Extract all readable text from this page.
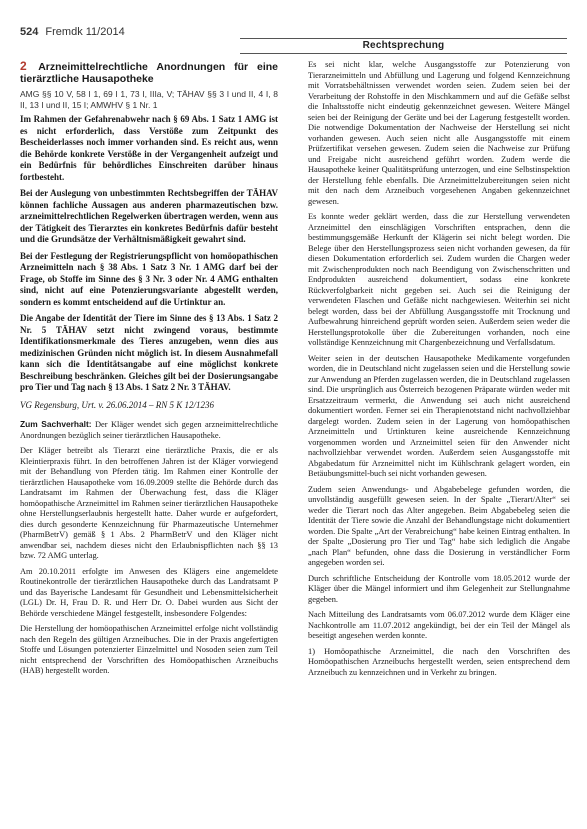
524 Fremdk 11/2014
Rechtsprechung
2 Arzneimittelrechtliche Anordnungen für eine tierärztliche Hausapotheke
AMG §§ 10 V, 58 I 1, 69 I 1, 73 I, IIIa, V; TÄHAV §§ 3 I und II, 4 I, 8 II, 13 I und II, 15 I; AMWHV § 1 Nr. 1

Im Rahmen der Gefahrenabwehr nach § 69 Abs. 1 Satz 1 AMG ist es nicht erforderlich, dass Verstöße zum Zeitpunkt des Bescheiderlasses noch immer vorhanden sind. Es reicht aus, wenn die Behörde konkrete Verstöße in der Vergangenheit aufzeigt und ein Bedürfnis für behördliches Einschreiten darüber hinaus fortbesteht.

Bei der Auslegung von unbestimmten Rechtsbegriffen der TÄHAV können fachliche Aussagen aus anderen pharmazeutischen bzw. arzneimittelrechtlichen Regelwerken übertragen werden, wenn aus der Tätigkeit des Tierarztes ein konkretes Bedürfnis dafür besteht und die Grundsätze der Verhältnismäßigkeit gewahrt sind.

Bei der Festlegung der Registrierungspflicht von homöopathischen Arzneimitteln nach § 38 Abs. 1 Satz 3 Nr. 1 AMG darf bei der Frage, ob Stoffe im Sinne des § 3 Nr. 3 oder Nr. 4 AMG enthalten sind, nicht auf eine Potenzierungsvariante abgestellt werden, sondern es kommt entscheidend auf die Urtinktur an.

Die Angabe der Identität der Tiere im Sinne des § 13 Abs. 1 Satz 2 Nr. 5 TÄHAV setzt nicht zwingend voraus, bestimmte Identifikationsmerkmale des Tieres anzugeben, wenn dies aus medizinischen Gründen nicht möglich ist. In diesem Ausnahmefall kann sich die Identitätsangabe auf eine möglichst konkrete Beschreibung beschränken. Gleiches gilt bei der Dosierungsangabe pro Tier und Tag nach § 13 Abs. 1 Satz 2 Nr. 3 TÄHAV.

VG Regensburg, Urt. v. 26.06.2014 – RN 5 K 12/1236

Zum Sachverhalt: Der Kläger wendet sich gegen arzneimittelrechtliche Anordnungen bezüglich seiner tierärztlichen Hausapotheke.

Der Kläger betreibt als Tierarzt eine tierärztliche Praxis, die er als Kleintierpraxis führt. In den betroffenen Jahren ist der Kläger vorwiegend mit der Behandlung von Pferden tätig. Im Rahmen einer Kontrolle der tierärztlichen Hausapotheke vom 16.09.2009 stellte die Behörde durch das Landratsamt im Rahmen der Überwachung fest, dass die Kläger homöopathische Arzneimittel im Rahmen seiner tierärztlichen Hausapotheke ohne Herstellungserlaubnis hergestellt hatte. Daher wurde er aufgefordert, dies durch gesonderte Kennzeichnung für Pharmazeutische Unternehmer (PharmBetrV) gemäß § 1 Abs. 2 PharmBetrV und den Kläger nicht anwendbar sei, nachdem dieses nicht den Erlaubnispflichten nach §§ 13 bzw. 72 AMG unterlag.

Am 20.10.2011 erfolgte im Anwesen des Klägers eine angemeldete Routinekontrolle der tierärztlichen Hausapotheke durch das Landratsamt P und das Bayerische Landesamt für Gesundheit und Lebensmittelsicherheit (LGL) Dr. H, Frau D. R. und Herr Dr. O. Dabei wurden aus Sicht der Behörde verschiedene Mängel festgestellt, insbesondere Folgendes:

Die Herstellung der homöopathischen Arzneimittel erfolge nicht vollständig nach den Regeln des gültigen Arzneibuches. Die in der Praxis angefertigten Stoffe und Lösungen potenzierter Einzelmittel und Nosoden seien zum Teil nicht entsprechend der Vorschriften des Homöopathischen Arzneibuchs (HAB) hergestellt worden.

Es sei nicht klar, welche Ausgangsstoffe zur Potenzierung von Tierarzneimitteln und Abfüllung und Lagerung und folgend Kennzeichnung mit Vorratsbehältnissen verwendet worden seien. Zudem seien bei der Verarbeitung der Rohstoffe in den Mischkammern und auf die Gefäße selbst die Inhaltsstoffe nicht eindeutig gekennzeichnet gewesen. Weitere Mängel seien bei der Reinigung der Geräte und bei der Lagerung festgestellt worden. Die notwendige Dokumentation der Nachweise der Herstellung sei nicht vorhanden gewesen. Auch seien nicht alle Ausgangsstoffe mit einem Prüfzertifikat versehen gewesen. Zudem seien die Nachweise zur Prüfung und Freigabe nicht ausreichend geführt worden. Zudem werde die Hausapotheke keiner Qualitätsprüfung unterzogen, und eine Selbstinspektion der Herstellung fehle ebenfalls. Die Arzneimittelzubereitungen seien nicht mit den nach dem Arzneibuch vorgesehenen Angaben gekennzeichnet gewesen.

Es konnte weder geklärt werden, dass die zur Herstellung verwendeten Arzneimittel den einschlägigen Vorschriften entsprachen, denn die bestimmungsgemäße Herkunft der Klägerin sei nicht belegt worden. Die Belege über den Herstellungsprozess seien nicht vorhanden gewesen, da für diesen Dokumentation erforderlich sei. Zudem wurden die Chargen weder mit Zwischenprodukten noch nach Beendigung von Zwischenschritten und Endprodukten ausreichend dokumentiert, sodass eine konkrete Rückverfolgbarkeit nicht gegeben sei. Auch sei die Reinigung der verwendeten Flaschen und Gefäße nicht nachgewiesen. Weiterhin sei nicht belegt worden, dass bei der Abfüllung Ausgangsstoffe mit Trocknung und Aufbewahrung hinreichend geprüft worden seien. Außerdem seien weder die Herstellungsprotokolle über die Zubereitungen vorhanden, noch eine vollständige Kennzeichnung mit Chargenbezeichnung und Verfallsdatum.

Weiter seien in der deutschen Hausapotheke Medikamente vorgefunden worden, die in Deutschland nicht zugelassen seien und die Herstellung sowie zur Anwendung an Pferden zugelassen werden, die in Deutschland zugelassen sind. Die ursprünglich aus Österreich bezogenen Präparate würden weder mit Ersatzzeitraum vermerkt, die Anwendung sei auch nicht ausreichend dokumentiert worden. Ferner sei ein Therapienotstand nicht nachvollziehbar dargelegt worden. Zudem seien in der Lagerung von homöopathischen Arzneimitteln und Urtinkturen keine ausreichende Kennzeichnung vorgenommen worden und Arzneimittel seien für den Anwender nicht nachvollziehbar verwendet worden. Außerdem seien Ausgangsstoffe mit Abgabedatum für Arzneimittel nicht im Kühlschrank gelagert worden, ein Betäubungsmittel-buch sei nicht vorhanden gewesen.

Zudem seien Anwendungs- und Abgabebelege gefunden worden, die unvollständig ausgefüllt gewesen seien. In der Spalte „Tierart/Alter“ sei weder die Tierart noch das Alter angegeben. Beim Abgabebeleg seien die Identität der Tiere sowie die Anzahl der Behandlungstage nicht dokumentiert worden. Die Spalte „Art der Verabreichung“ habe keinen Eintrag enthalten. In der Spalte „Dosierung pro Tier und Tag“ habe sich lediglich die Angabe „nach Plan“ befunden, ohne dass die Dosierung in verständlicher Form angegeben worden sei.

Durch schriftliche Entscheidung der Kontrolle vom 18.05.2012 wurde der Kläger über die Mängel informiert und ihm Gelegenheit zur Stellungnahme gegeben.

Nach Mitteilung des Landratsamts vom 06.07.2012 wurde dem Kläger eine Nachkontrolle am 11.07.2012 angekündigt, bei der ein Teil der Mängel als beseitigt angesehen werden konnte.

1) Homöopathische Arzneimittel, die nach den Vorschriften des Homöopathischen Arzneibuchs hergestellt werden, seien entsprechend dem Arzneibuch zu kennzeichnen und in Verkehr zu bringen.
